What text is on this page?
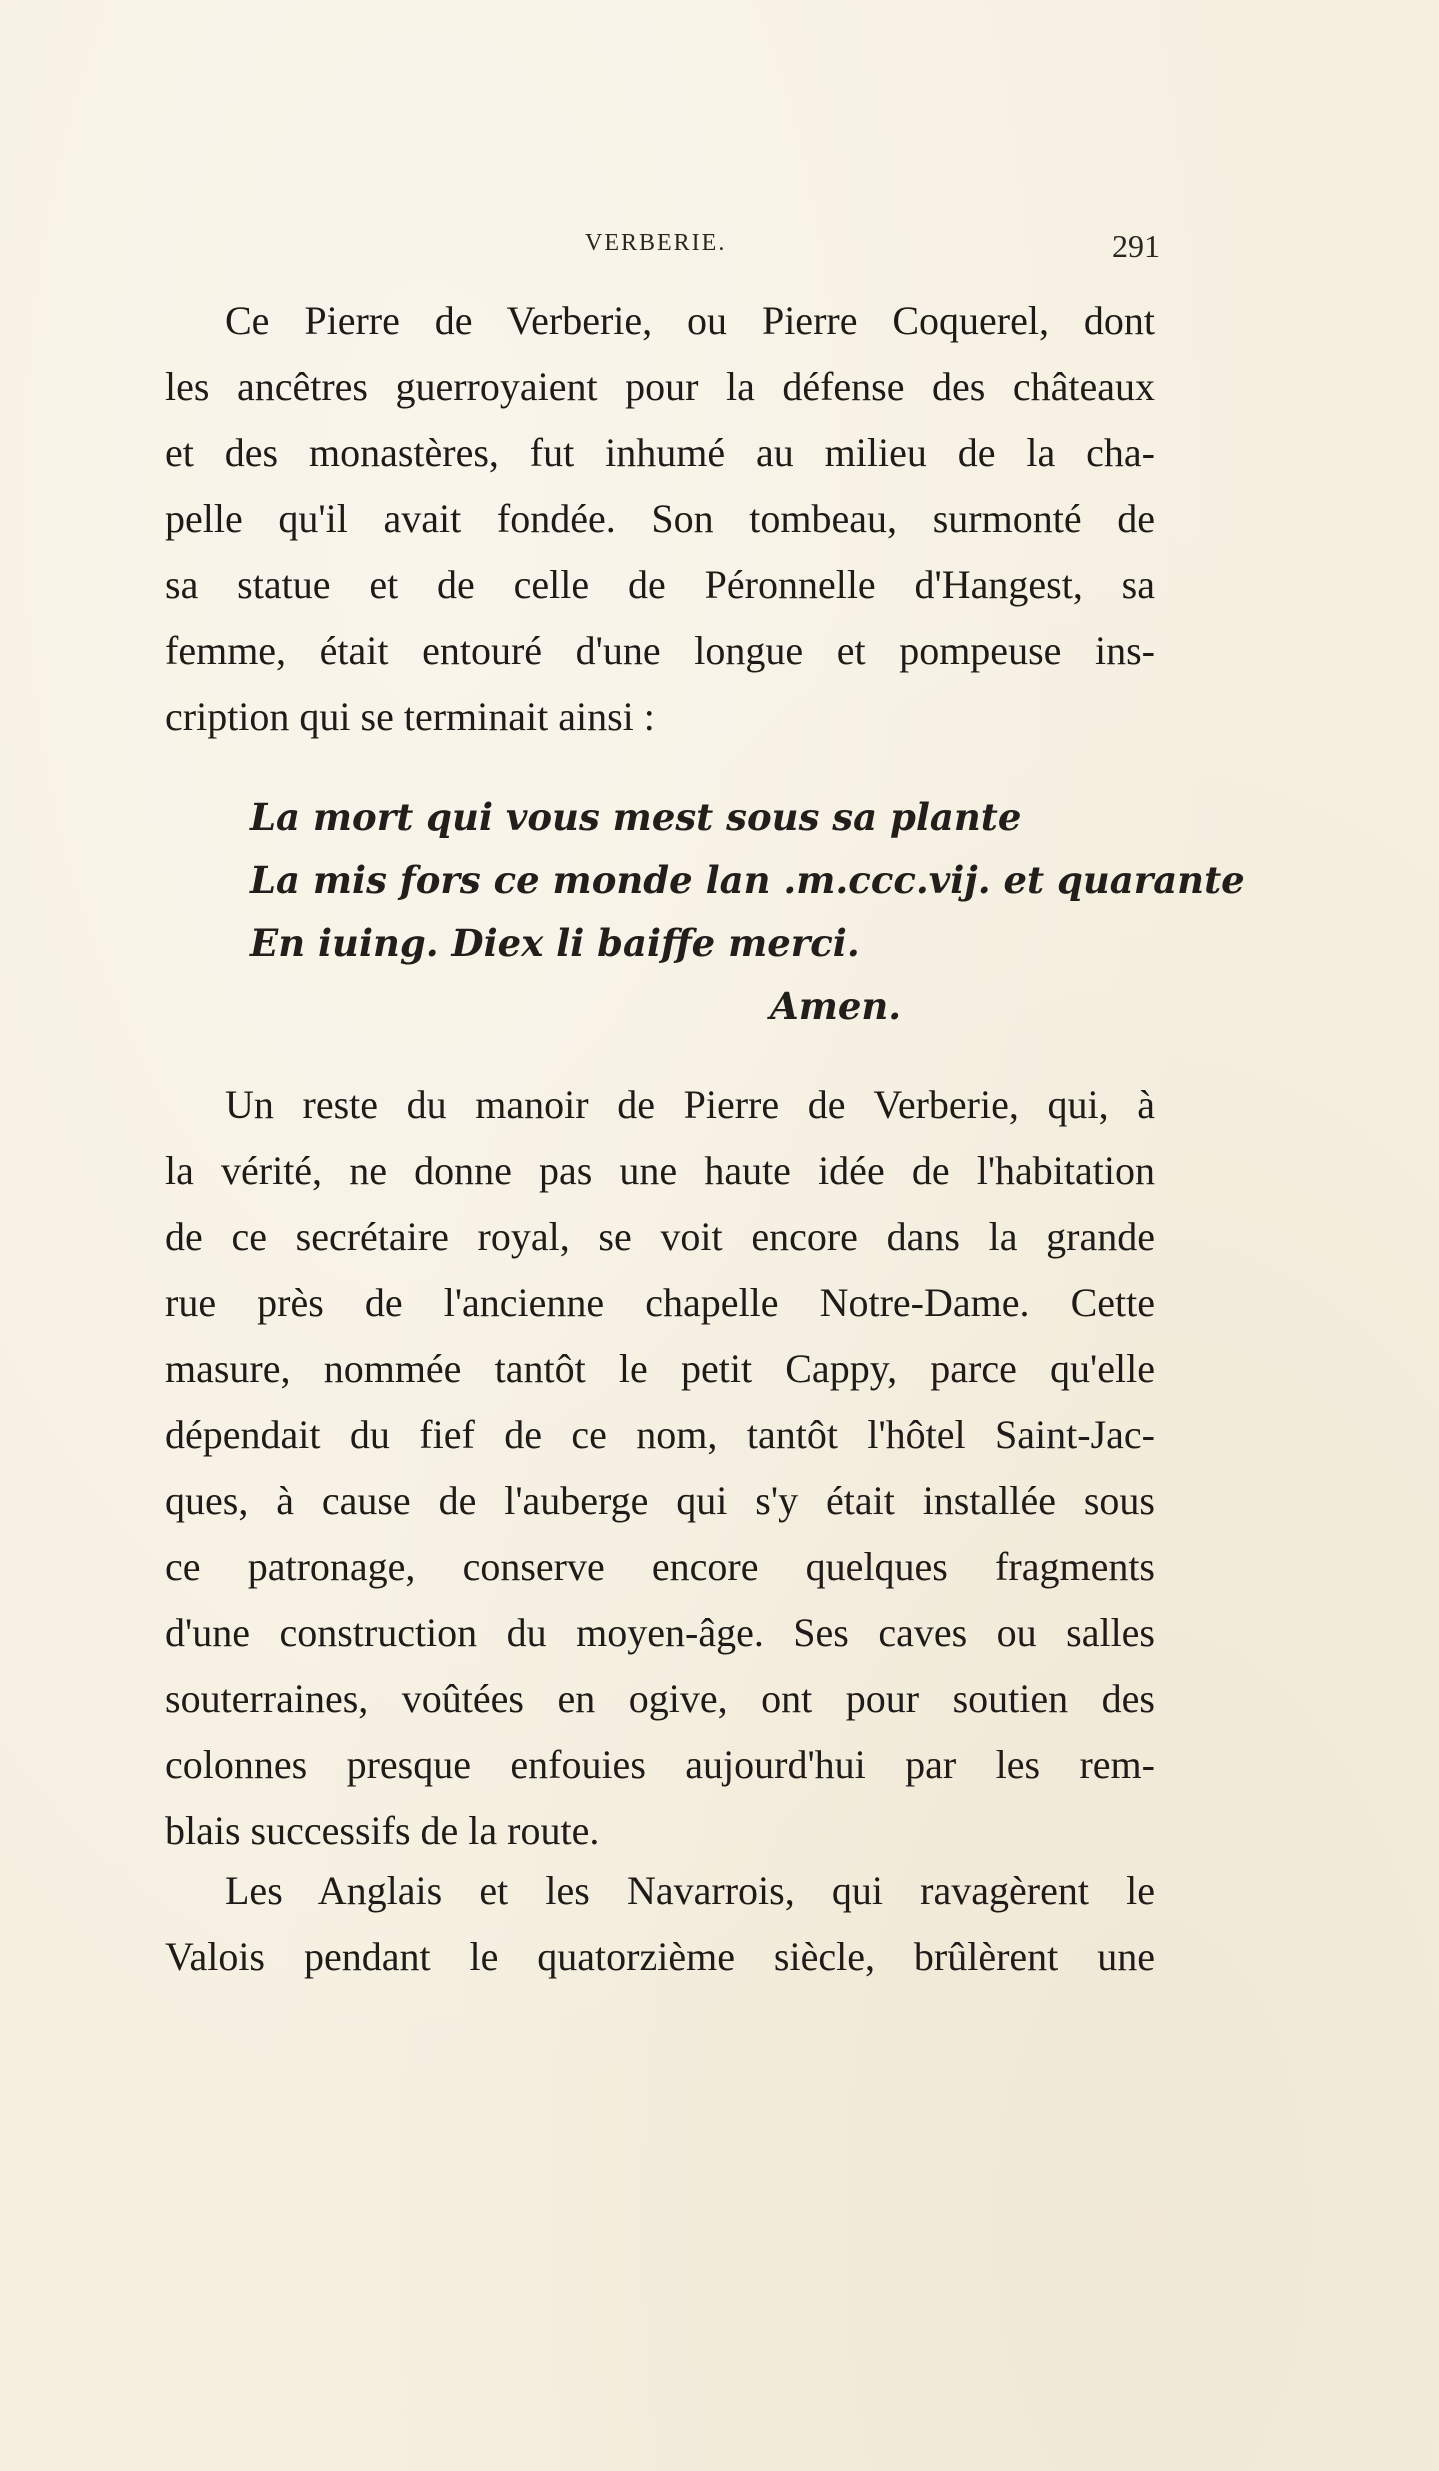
VERBERIE.	291
Ce Pierre de Verberie, ou Pierre Coquerel, dont
les ancêtres guerroyaient pour la défense des châteaux
et des monastères, fut inhumé au milieu de la cha-
pelle qu'il avait fondée. Son tombeau, surmonté de
sa statue et de celle de Péronnelle d'Hangest, sa
femme, était entouré d'une longue et pompeuse ins-
cription qui se terminait ainsi :
La mort qui vous mest sous sa plante
La mis fors ce monde lan .m.ccc.vij. et quarante
En iuing. Diex li baiffe merci.
Amen.
Un reste du manoir de Pierre de Verberie, qui, à
la vérité, ne donne pas une haute idée de l'habitation
de ce secrétaire royal, se voit encore dans la grande
rue près de l'ancienne chapelle Notre-Dame. Cette
masure, nommée tantôt le petit Cappy, parce qu'elle
dépendait du fief de ce nom, tantôt l'hôtel Saint-Jac-
ques, à cause de l'auberge qui s'y était installée sous
ce patronage, conserve encore quelques fragments
d'une construction du moyen-âge. Ses caves ou salles
souterraines, voûtées en ogive, ont pour soutien des
colonnes presque enfouies aujourd'hui par les rem-
blais successifs de la route.
Les Anglais et les Navarrois, qui ravagèrent le
Valois pendant le quatorzième siècle, brûlèrent une
